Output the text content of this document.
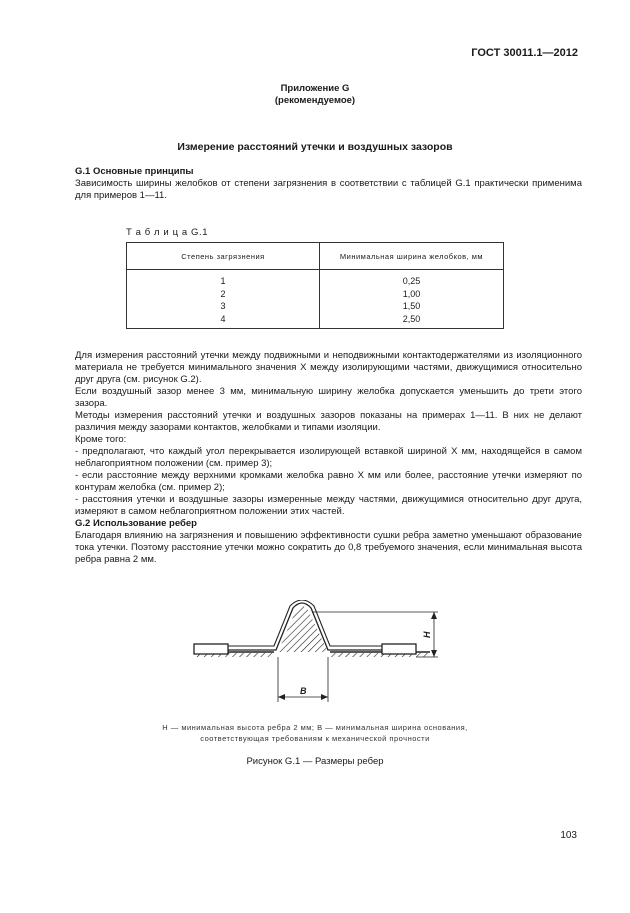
ГОСТ 30011.1—2012
Приложение G
(рекомендуемое)
Измерение расстояний утечки и воздушных зазоров

G.1 Основные принципы

Зависимость ширины желобков от степени загрязнения в соответствии с таблицей G.1 практически применима для примеров 1—11.

Т а б л и ц а G.1
Степень загрязнения	Минимальная ширина желобков, мм
1	0,25
2	1,00
3	1,50
4	2,50

Для измерения расстояний утечки между подвижными и неподвижными контактодержателями из изоляционного материала не требуется минимального значения X между изолирующими частями, движущимися относительно друг друга (см. рисунок G.2).

Если воздушный зазор менее 3 мм, минимальную ширину желобка допускается уменьшить до трети этого зазора.

Методы измерения расстояний утечки и воздушных зазоров показаны на примерах 1—11. В них не делают различия между зазорами контактов, желобками и типами изоляции.

Кроме того:

- предполагают, что каждый угол перекрывается изолирующей вставкой шириной X мм, находящейся в самом неблагоприятном положении (см. пример 3);

- если расстояние между верхними кромками желобка равно X мм или более, расстояние утечки измеряют по контурам желобка (см. пример 2);

- расстояния утечки и воздушные зазоры измеренные между частями, движущимися относительно друг друга, измеряют в самом неблагоприятном положении этих частей.

G.2 Использование ребер

Благодаря влиянию на загрязнения и повышению эффективности сушки ребра заметно уменьшают образование тока утечки. Поэтому расстояние утечки можно сократить до 0,8 требуемого значения, если минимальная высота ребра равна 2 мм.

H
B
H — минимальная высота ребра 2 мм; B — минимальная ширина основания,
соответствующая требованиям к механической прочности
Рисунок G.1 — Размеры ребер
103
